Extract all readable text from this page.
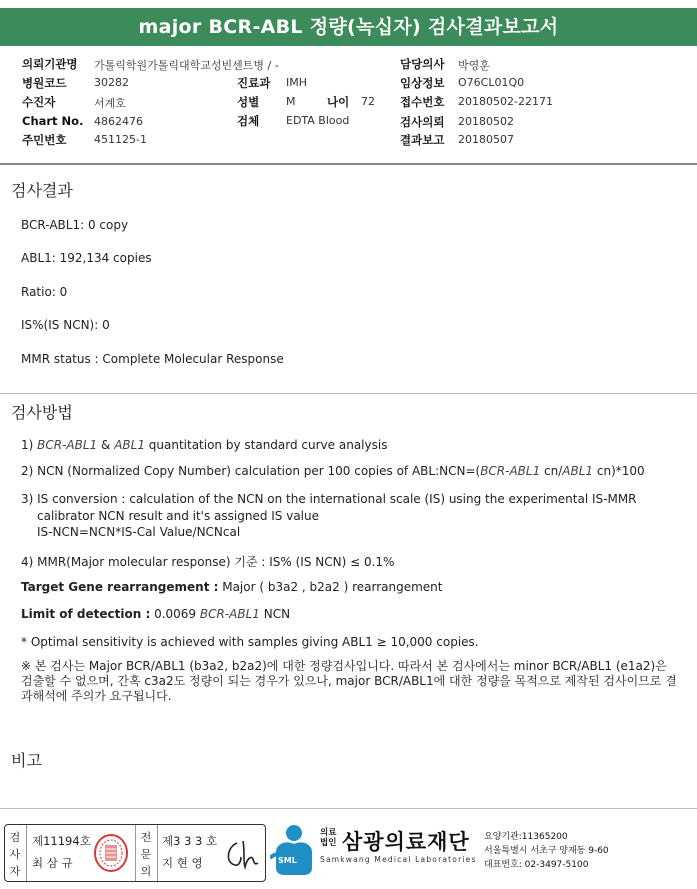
major BCR-ABL 정량(녹십자) 검사결과보고서
의뢰기관명 가톨릭학원가톨릭대학교성빈센트병 / -
병원코드	30282
수진자	서계호
Chart No. 4862476
주민번호	451125-1
진료과 IMH
성별 M	나이 72
검체 EDTA Blood
담당의사 박영훈
임상정보 O76CL01Q0
접수번호 20180502-22171
검사의뢰 20180502
결과보고 20180507
검사결과
BCR-ABL1: 0 copy
ABL1: 192,134 copies
Ratio: 0
IS%(IS NCN): 0
MMR status : Complete Molecular Response
검사방법
1) BCR-ABL1 & ABL1 quantitation by standard curve analysis
2) NCN (Normalized Copy Number) calculation per 100 copies of ABL:NCN=(BCR-ABL1 cn/ABL1 cn)*100
3) IS conversion : calculation of the NCN on the international scale (IS) using the experimental IS-MMR
calibrator NCN result and it's assigned IS value
IS-NCN=NCN*IS-Cal Value/NCNcal
4) MMR(Major molecular response) 기준 : IS% (IS NCN) ≤ 0.1%
Target Gene rearrangement : Major ( b3a2 , b2a2 ) rearrangement
Limit of detection : 0.0069 BCR-ABL1 NCN
* Optimal sensitivity is achieved with samples giving ABL1 ≥ 10,000 copies.
※ 본 검사는 Major BCR/ABL1 (b3a2, b2a2)에 대한 정량검사입니다. 따라서 본 검사에서는 minor BCR/ABL1 (e1a2)은 검출할 수 없으며, 간혹 c3a2도 정량이 되는 경우가 있으나, major BCR/ABL1에 대한 정량을 목적으로 제작된 검사이므로 결과해석에 주의가 요구됩니다.
비고
검
사
자
제11194호
최 삼 규
전
문
의
제3 3 3 호
지 현 영	SML
의료법인 삼광의료재단
Samkwang Medical Laboratories
요양기관:11365200
서울특별시 서초구 양재동 9-60
대표번호: 02-3497-5100
